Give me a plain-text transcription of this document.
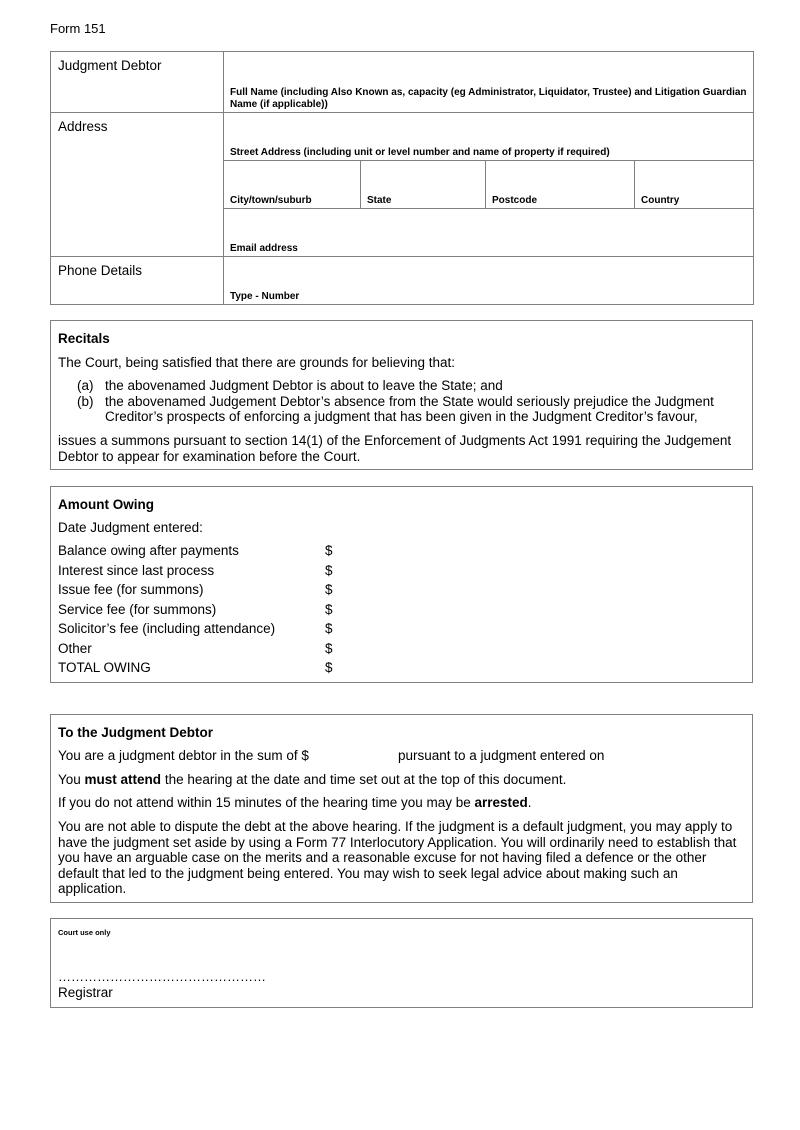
Form 151
Judgment Debtor	Full Name (including Also Known as, capacity (eg Administrator, Liquidator, Trustee) and Litigation Guardian Name (if applicable))			
Address	Street Address (including unit or level number and name of property if required)			
	City/town/suburb	State	Postcode	Country
	Email address			
Phone Details	Type - Number			
Recitals
The Court, being satisfied that there are grounds for believing that:
(a) the abovenamed Judgment Debtor is about to leave the State; and
(b) the abovenamed Judgement Debtor’s absence from the State would seriously prejudice the Judgment Creditor’s prospects of enforcing a judgment that has been given in the Judgment Creditor’s favour,
issues a summons pursuant to section 14(1) of the Enforcement of Judgments Act 1991 requiring the Judgement Debtor to appear for examination before the Court.
Amount Owing
Date Judgment entered:
Balance owing after payments	$
Interest since last process	$
Issue fee (for summons)	$
Service fee (for summons)	$
Solicitor’s fee (including attendance)	$
Other	$
TOTAL OWING	$
To the Judgment Debtor
You are a judgment debtor in the sum of $	pursuant to a judgment entered on
You must attend the hearing at the date and time set out at the top of this document.
If you do not attend within 15 minutes of the hearing time you may be arrested.
You are not able to dispute the debt at the above hearing. If the judgment is a default judgment, you may apply to have the judgment set aside by using a Form 77 Interlocutory Application. You will ordinarily need to establish that you have an arguable case on the merits and a reasonable excuse for not having filed a defence or the other default that led to the judgment being entered. You may wish to seek legal advice about making such an application.
Court use only
…………………………………………
Registrar
